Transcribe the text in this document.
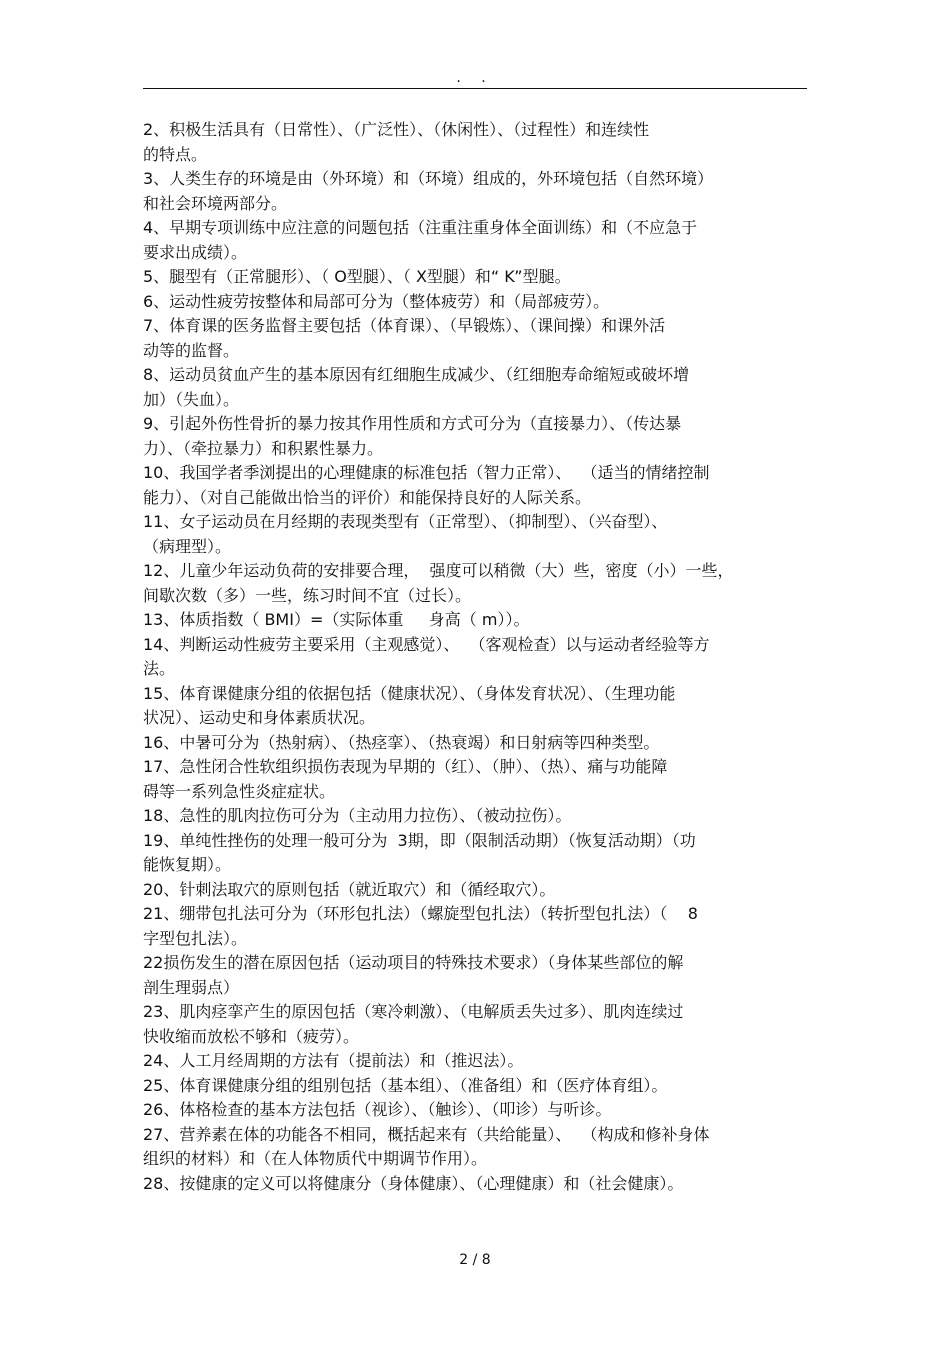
. .
2、积极生活具有（日常性）、（广泛性）、（休闲性）、（过程性）和连续性
的特点。
3、人类生存的环境是由（外环境）和（环境）组成的，外环境包括（自然环境）
和社会环境两部分。
4、早期专项训练中应注意的问题包括（注重注重身体全面训练）和（不应急于
要求出成绩）。
5、腿型有（正常腿形）、（ O型腿）、（ X型腿）和“ K”型腿。
6、运动性疲劳按整体和局部可分为（整体疲劳）和（局部疲劳）。
7、体育课的医务监督主要包括（体育课）、（早锻炼）、（课间操）和课外活
动等的监督。
8、运动员贫血产生的基本原因有红细胞生成减少、（红细胞寿命缩短或破坏增
加）（失血）。
9、引起外伤性骨折的暴力按其作用性质和方式可分为（直接暴力）、（传达暴
力）、（牵拉暴力）和积累性暴力。
10、我国学者季浏提出的心理健康的标准包括（智力正常）、  （适当的情绪控制
能力）、（对自己能做出恰当的评价）和能保持良好的人际关系。
11、女子运动员在月经期的表现类型有（正常型）、（抑制型）、（兴奋型）、
（病理型）。
12、儿童少年运动负荷的安排要合理，  强度可以稍微（大）些，密度（小）一些，
间歇次数（多）一些，练习时间不宜（过长）。
13、体质指数（ BMI）=（实际体重     身高（ m））。
14、判断运动性疲劳主要采用（主观感觉）、  （客观检查）以与运动者经验等方
法。
15、体育课健康分组的依据包括（健康状况）、（身体发育状况）、（生理功能
状况）、运动史和身体素质状况。
16、中暑可分为（热射病）、（热痉挛）、（热衰竭）和日射病等四种类型。
17、急性闭合性软组织损伤表现为早期的（红）、（肿）、（热）、痛与功能障
碍等一系列急性炎症症状。
18、急性的肌肉拉伤可分为（主动用力拉伤）、（被动拉伤）。
19、单纯性挫伤的处理一般可分为  3期，即（限制活动期）（恢复活动期）（功
能恢复期）。
20、针刺法取穴的原则包括（就近取穴）和（循经取穴）。
21、绷带包扎法可分为（环形包扎法）（螺旋型包扎法）（转折型包扎法）（    8
字型包扎法）。
22损伤发生的潜在原因包括（运动项目的特殊技术要求）（身体某些部位的解
剖生理弱点）
23、肌肉痉挛产生的原因包括（寒冷刺激）、（电解质丢失过多）、肌肉连续过
快收缩而放松不够和（疲劳）。
24、人工月经周期的方法有（提前法）和（推迟法）。
25、体育课健康分组的组别包括（基本组）、（准备组）和（医疗体育组）。
26、体格检查的基本方法包括（视诊）、（触诊）、（叩诊）与听诊。
27、营养素在体的功能各不相同，概括起来有（共给能量）、  （构成和修补身体
组织的材料）和（在人体物质代中期调节作用）。
28、按健康的定义可以将健康分（身体健康）、（心理健康）和（社会健康）。
2 / 8
